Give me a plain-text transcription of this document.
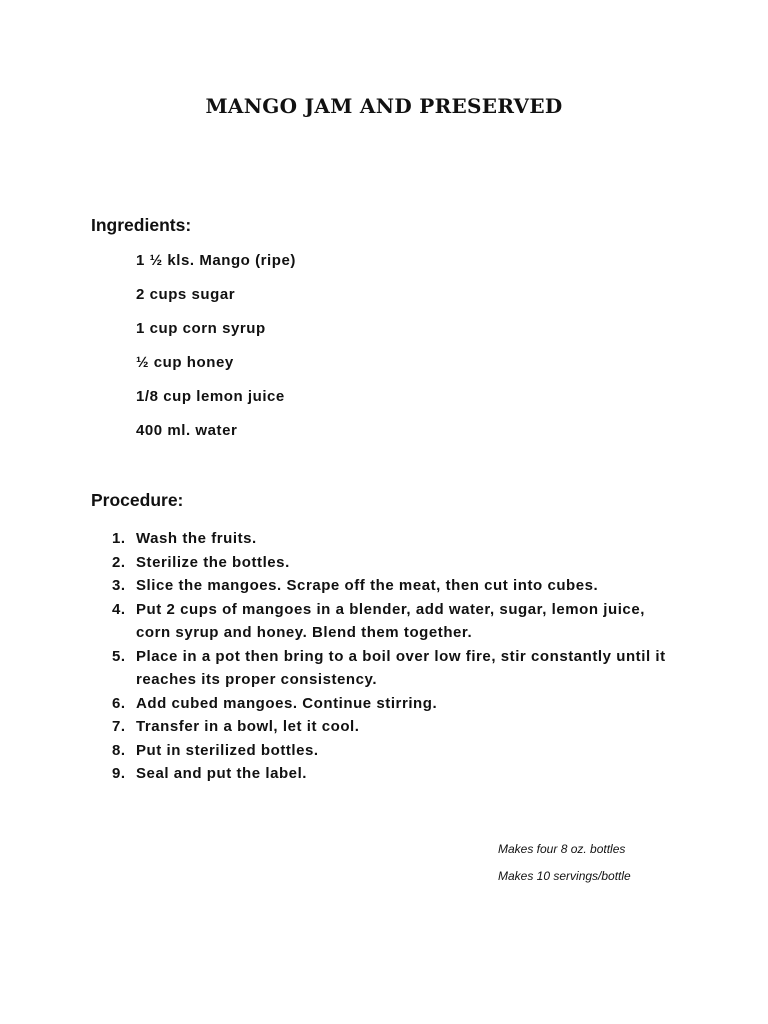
MANGO JAM AND PRESERVED
Ingredients:
1 ½ kls. Mango (ripe)
2 cups sugar
1 cup corn syrup
½ cup honey
1/8 cup lemon juice
400 ml. water
Procedure:
1. Wash the fruits.
2. Sterilize the bottles.
3. Slice the mangoes. Scrape off the meat, then cut into cubes.
4. Put 2 cups of mangoes in a blender, add water, sugar, lemon juice, corn syrup and honey. Blend them together.
5. Place in a pot then bring to a boil over low fire, stir constantly until it reaches its proper consistency.
6. Add cubed mangoes. Continue stirring.
7. Transfer in a bowl, let it cool.
8. Put in sterilized bottles.
9. Seal and put the label.
Makes four 8 oz. bottles
Makes 10 servings/bottle
